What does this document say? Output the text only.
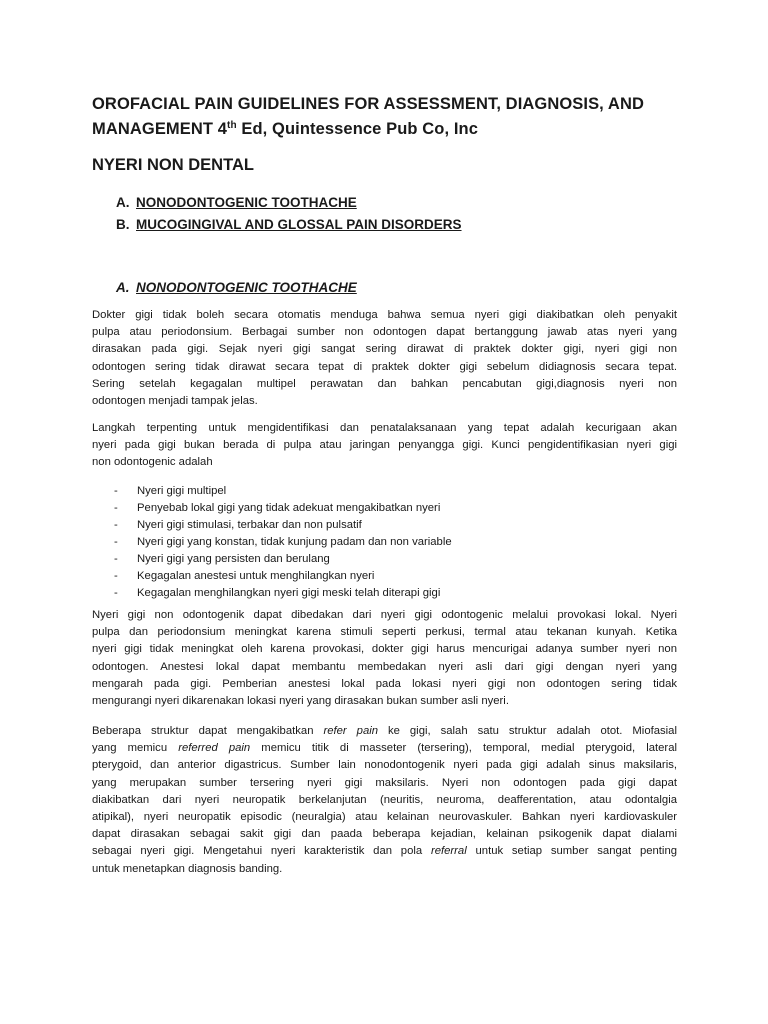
OROFACIAL PAIN GUIDELINES FOR ASSESSMENT, DIAGNOSIS, AND
MANAGEMENT 4th Ed, Quintessence Pub Co, Inc
NYERI NON DENTAL
A. NONODONTOGENIC TOOTHACHE
B. MUCOGINGIVAL AND GLOSSAL PAIN DISORDERS
A. NONODONTOGENIC TOOTHACHE

Dokter gigi tidak boleh secara otomatis menduga bahwa semua nyeri gigi diakibatkan oleh penyakit
pulpa atau periodonsium. Berbagai sumber non odontogen dapat bertanggung jawab atas nyeri yang
dirasakan pada gigi. Sejak nyeri gigi sangat sering dirawat di praktek dokter gigi, nyeri gigi non
odontogen sering tidak dirawat secara tepat di praktek dokter gigi sebelum didiagnosis secara tepat.
Sering setelah kegagalan multipel perawatan dan bahkan pencabutan gigi,diagnosis nyeri non
odontogen menjadi tampak jelas.

Langkah terpenting untuk mengidentifikasi dan penatalaksanaan yang tepat adalah kecurigaan akan
nyeri pada gigi bukan berada di pulpa atau jaringan penyangga gigi. Kunci pengidentifikasian nyeri gigi
non odontogenic adalah

- Nyeri gigi multipel
- Penyebab lokal gigi yang tidak adekuat mengakibatkan nyeri
- Nyeri gigi stimulasi, terbakar dan non pulsatif
- Nyeri gigi yang konstan, tidak kunjung padam dan non variable
- Nyeri gigi yang persisten dan berulang
- Kegagalan anestesi untuk menghilangkan nyeri
- Kegagalan menghilangkan nyeri gigi meski telah diterapi gigi

Nyeri gigi non odontogenik dapat dibedakan dari nyeri gigi odontogenic melalui provokasi lokal. Nyeri
pulpa dan periodonsium meningkat karena stimuli seperti perkusi, termal atau tekanan kunyah. Ketika
nyeri gigi tidak meningkat oleh karena provokasi, dokter gigi harus mencurigai adanya sumber nyeri non
odontogen. Anestesi lokal dapat membantu membedakan nyeri asli dari gigi dengan nyeri yang
mengarah pada gigi. Pemberian anestesi lokal pada lokasi nyeri gigi non odontogen sering tidak
mengurangi nyeri dikarenakan lokasi nyeri yang dirasakan bukan sumber asli nyeri.

Beberapa struktur dapat mengakibatkan refer pain ke gigi, salah satu struktur adalah otot. Miofasial
yang memicu referred pain memicu titik di masseter (tersering), temporal, medial pterygoid, lateral
pterygoid, dan anterior digastricus. Sumber lain nonodontogenik nyeri pada gigi adalah sinus maksilaris,
yang merupakan sumber tersering nyeri gigi maksilaris. Nyeri non odontogen pada gigi dapat
diakibatkan dari nyeri neuropatik berkelanjutan (neuritis, neuroma, deafferentation, atau odontalgia
atipikal), nyeri neuropatik episodic (neuralgia) atau kelainan neurovaskuler. Bahkan nyeri kardiovaskuler
dapat dirasakan sebagai sakit gigi dan paada beberapa kejadian, kelainan psikogenik dapat dialami
sebagai nyeri gigi. Mengetahui nyeri karakteristik dan pola referral untuk setiap sumber sangat penting
untuk menetapkan diagnosis banding.
